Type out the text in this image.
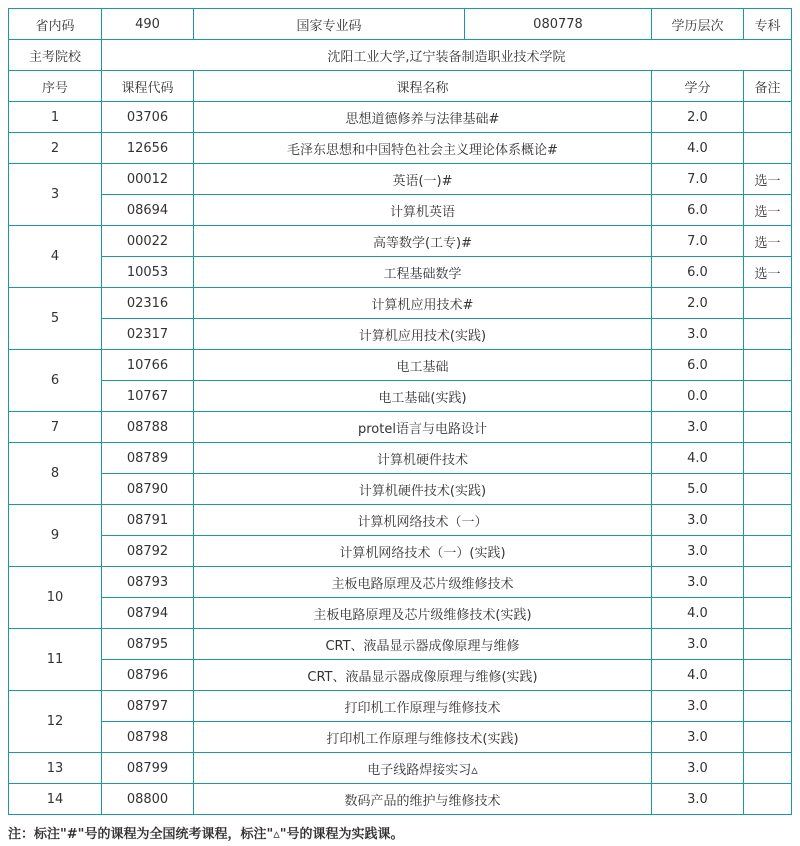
省内码	490	国家专业码	080778	学历层次	专科
主考院校	沈阳工业大学,辽宁装备制造职业技术学院				
序号	课程代码	课程名称		学分	备注
1	03706	思想道德修养与法律基础#		2.0	
2	12656	毛泽东思想和中国特色社会主义理论体系概论#		4.0	
3	00012	英语(一)#		7.0	选一
	08694	计算机英语		6.0	选一
4	00022	高等数学(工专)#		7.0	选一
	10053	工程基础数学		6.0	选一
5	02316	计算机应用技术#		2.0	
	02317	计算机应用技术(实践)		3.0	
6	10766	电工基础		6.0	
	10767	电工基础(实践)		0.0	
7	08788	protel语言与电路设计		3.0	
8	08789	计算机硬件技术		4.0	
	08790	计算机硬件技术(实践)		5.0	
9	08791	计算机网络技术（一）		3.0	
	08792	计算机网络技术（一）(实践)		3.0	
10	08793	主板电路原理及芯片级维修技术		3.0	
	08794	主板电路原理及芯片级维修技术(实践)		4.0	
11	08795	CRT、液晶显示器成像原理与维修		3.0	
	08796	CRT、液晶显示器成像原理与维修(实践)		4.0	
12	08797	打印机工作原理与维修技术		3.0	
	08798	打印机工作原理与维修技术(实践)		3.0	
13	08799	电子线路焊接实习▵		3.0	
14	08800	数码产品的维护与维修技术		3.0	
注：标注"#"号的课程为全国统考课程，标注"▵"号的课程为实践课。
